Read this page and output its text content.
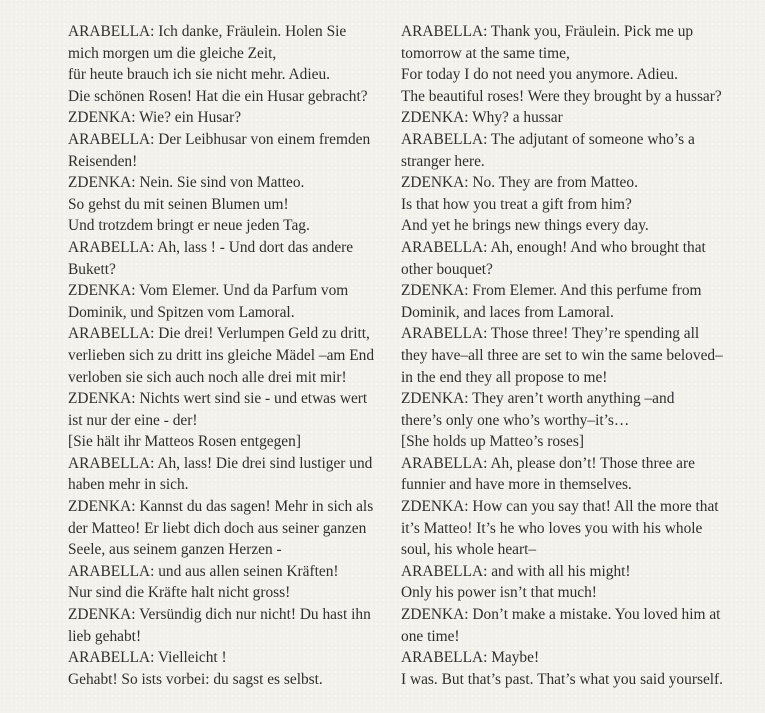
ARABELLA: Ich danke, Fräulein. Holen Sie
mich morgen um die gleiche Zeit,
für heute brauch ich sie nicht mehr. Adieu.
Die schönen Rosen! Hat die ein Husar gebracht?
ZDENKA: Wie? ein Husar?
ARABELLA: Der Leibhusar von einem fremden
Reisenden!
ZDENKA: Nein. Sie sind von Matteo.
So gehst du mit seinen Blumen um!
Und trotzdem bringt er neue jeden Tag.
ARABELLA: Ah, lass ! - Und dort das andere
Bukett?
ZDENKA: Vom Elemer. Und da Parfum vom
Dominik, und Spitzen vom Lamoral.
ARABELLA: Die drei! Verlumpen Geld zu dritt,
verlieben sich zu dritt ins gleiche Mädel –am End
verloben sie sich auch noch alle drei mit mir!
ZDENKA: Nichts wert sind sie - und etwas wert
ist nur der eine - der!
[Sie hält ihr Matteos Rosen entgegen]
ARABELLA: Ah, lass! Die drei sind lustiger und
haben mehr in sich.
ZDENKA: Kannst du das sagen! Mehr in sich als
der Matteo! Er liebt dich doch aus seiner ganzen
Seele, aus seinem ganzen Herzen -
ARABELLA: und aus allen seinen Kräften!
Nur sind die Kräfte halt nicht gross!
ZDENKA: Versündig dich nur nicht! Du hast ihn
lieb gehabt!
ARABELLA: Vielleicht !
Gehabt! So ists vorbei: du sagst es selbst.
ARABELLA: Thank you, Fräulein. Pick me up
tomorrow at the same time,
For today I do not need you anymore. Adieu.
The beautiful roses! Were they brought by a hussar?
ZDENKA: Why? a hussar
ARABELLA: The adjutant of someone who’s a
stranger here.
ZDENKA: No. They are from Matteo.
Is that how you treat a gift from him?
And yet he brings new things every day.
ARABELLA: Ah, enough! And who brought that
other bouquet?
ZDENKA: From Elemer. And this perfume from
Dominik, and laces from Lamoral.
ARABELLA: Those three! They’re spending all
they have–all three are set to win the same beloved–
in the end they all propose to me!
ZDENKA: They aren’t worth anything –and
there’s only one who’s worthy–it’s…
[She holds up Matteo’s roses]
ARABELLA: Ah, please don’t! Those three are
funnier and have more in themselves.
ZDENKA: How can you say that! All the more that
it’s Matteo! It’s he who loves you with his whole
soul, his whole heart–
ARABELLA: and with all his might!
Only his power isn’t that much!
ZDENKA: Don’t make a mistake. You loved him at
one time!
ARABELLA: Maybe!
I was. But that’s past. That’s what you said yourself.
